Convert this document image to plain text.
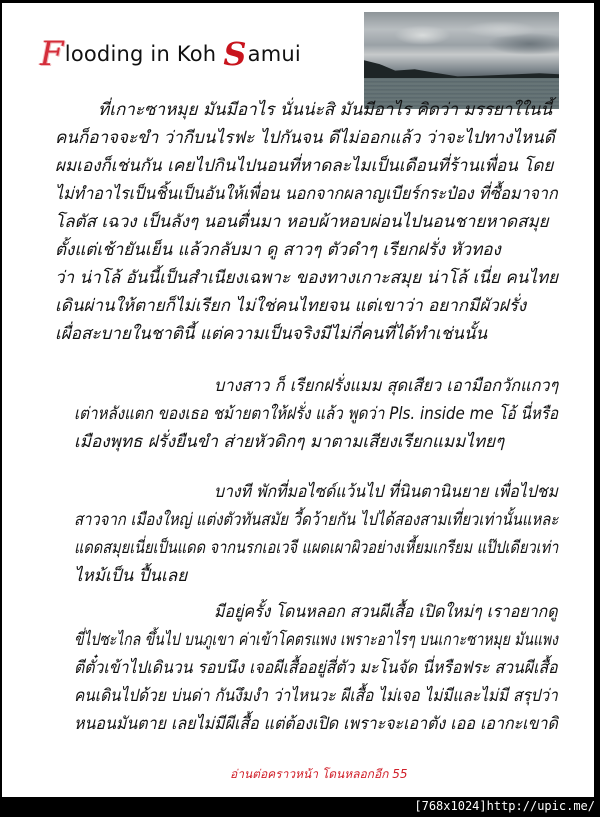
F looding in Koh S amui
ที่เกาะซาหมุย มันมีอาไร นั่นน่ะสิ มันมีอาไร คิดว่า มรรยาใในนี้
คนก็อาจจะขำ ว่ากีบนไรฟะ ไปกันจน ดีไม่ออกแล้ว ว่าจะไปทางไหนดี
ผมเองก็เช่นกัน เคยไปกินไปนอนที่หาดละไมเป็นเดือนที่ร้านเพื่อน โดย
ไม่ทำอาไรเป็นชิ้นเป็นอันให้เพื่อน นอกจากผลาญเบียร์กระป๋อง ที่ซื้อมาจาก
โลตัส เฉวง เป็นลังๆ นอนตื่นมา หอบผ้าหอบผ่อนไปนอนชายหาดสมุย
ตั้งแต่เช้ายันเย็น แล้วกลับมา ดู สาวๆ ตัวดำๆ เรียกฝรั่ง หัวทอง
ว่า น่าโล้ อันนี้เป็นสำเนียงเฉพาะ ของทางเกาะสมุย น่าโล้ เนี่ย คนไทย
เดินผ่านให้ตายก็ไม่เรียก ไม่ใช่คนไทยจน แต่เขาว่า อยากมีผัวฝรั่ง
เผื่อสะบายในชาตินี้ แต่ความเป็นจริงมีไม่กี่คนที่ได้ทำเช่นนั้น
บางสาว ก็ เรียกฝรั่งแมม สุดเสียว เอามือกวักแกวๆ
เต่าหลังแตก ของเธอ ชม้ายตาให้ฝรั่ง แล้ว พูดว่า Pls. inside me โอ้ นี่หรือ
เมืองพุทธ ฝรั่งยืนขำ ส่ายหัวดิกๆ มาตามเสียงเรียกแมมไทยๆ
บางที พักที่มอไซด์แว้นไป ที่นินตานินยาย เพื่อไปชม
สาวจาก เมืองใหญ่ แต่งตัวทันสมัย วี้ดว้ายกัน ไปได้สองสามเที่ยวเท่านั้นแหละ
แดดสมุยเนี่ยเป็นแดด จากนรกเอเวจี แผดเผาผิวอย่างเหี้ยมเกรียม แป๊ปเดียวเท่า
ไหม้เป็น ปื้นเลย
มีอยู่ครั้ง โดนหลอก สวนผีเสื้อ เปิดใหม่ๆ เราอยากดู
ขี่ไปซะไกล ขึ้นไป บนภูเขา ค่าเข้าโคตรแพง เพราะอาไรๆ บนเกาะซาหมุย มันแพง
ตีตั๋วเข้าไปเดินวน รอบนึง เจอผีเสื้ออยู่สี่ตัว มะโนจัด นี่หรือฟระ สวนผีเสื้อ
คนเดินไปด้วย บ่นด่า กันงึมงำ ว่าไหนวะ ผีเสื้อ ไม่เจอ ไม่มีและไม่มี สรุปว่า
หนอนมันตาย เลยไม่มีผีเสื้อ แต่ต้องเปิด เพราะจะเอาตัง เออ เอากะเขาดิ
อ่านต่อคราวหน้า โดนหลอกอีก 55
[768x1024]http://upic.me/
